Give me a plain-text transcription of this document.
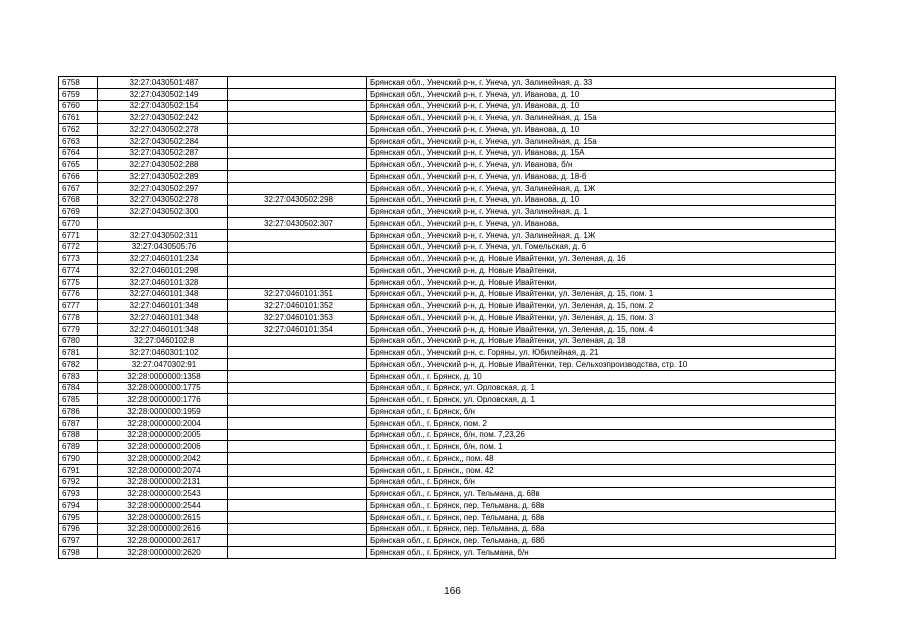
6758	32:27:0430501:487		Брянская обл., Унечский р-н, г. Унеча, ул. Залинейная, д. 33
6759	32:27:0430502:149		Брянская обл., Унечский р-н, г. Унеча, ул. Иванова, д. 10
6760	32:27:0430502:154		Брянская обл., Унечский р-н, г. Унеча, ул. Иванова, д. 10
6761	32:27:0430502:242		Брянская обл., Унечский р-н, г. Унеча, ул. Залинейная, д. 15а
6762	32:27:0430502:278		Брянская обл., Унечский р-н, г. Унеча, ул. Иванова, д. 10
6763	32:27:0430502:284		Брянская обл., Унечский р-н, г. Унеча, ул. Залинейная, д. 15а
6764	32:27:0430502:287		Брянская обл., Унечский р-н, г. Унеча, ул. Иванова, д. 15А
6765	32:27:0430502:288		Брянская обл., Унечский р-н, г. Унеча, ул. Иванова, б/н
6766	32:27:0430502:289		Брянская обл., Унечский р-н, г. Унеча, ул. Иванова, д. 18-б
6767	32:27:0430502:297		Брянская обл., Унечский р-н, г. Унеча, ул. Залинейная, д. 1Ж
6768	32:27:0430502:278	32:27:0430502:298	Брянская обл., Унечский р-н, г. Унеча, ул. Иванова, д. 10
6769	32:27:0430502:300		Брянская обл., Унечский р-н, г. Унеча, ул. Залинейная, д. 1
6770		32:27:0430502:307	Брянская обл., Унечский р-н, г. Унеча, ул. Иванова,
6771	32:27:0430502:311		Брянская обл., Унечский р-н, г. Унеча, ул. Залинейная, д. 1Ж
6772	32:27:0430505:76		Брянская обл., Унечский р-н, г. Унеча, ул. Гомельская, д. 6
6773	32:27:0460101:234		Брянская обл., Унечский р-н, д. Новые Ивайтенки, ул. Зеленая, д. 16
6774	32:27:0460101:298		Брянская обл., Унечский р-н, д. Новые Ивайтенки,
6775	32:27:0460101:328		Брянская обл., Унечский р-н, д. Новые Ивайтенки,
6776	32:27:0460101:348	32:27:0460101:351	Брянская обл., Унечский р-н, д. Новые Ивайтенки, ул. Зеленая, д. 15, пом. 1
6777	32:27:0460101:348	32:27:0460101:352	Брянская обл., Унечский р-н, д. Новые Ивайтенки, ул. Зеленая, д. 15, пом. 2
6778	32:27:0460101:348	32:27:0460101:353	Брянская обл., Унечский р-н, д. Новые Ивайтенки, ул. Зеленая, д. 15, пом. 3
6779	32:27:0460101:348	32:27:0460101:354	Брянская обл., Унечский р-н, д. Новые Ивайтенки, ул. Зеленая, д. 15, пом. 4
6780	32:27:0460102:8		Брянская обл., Унечский р-н, д. Новые Ивайтенки, ул. Зеленая, д. 18
6781	32:27:0460301:102		Брянская обл., Унечский р-н, с. Горяны, ул. Юбилейная, д. 21
6782	32:27:0470302:91		Брянская обл., Унечский р-н, д. Новые Ивайтенки, тер. Сельхозпроизводства, стр. 10
6783	32:28:0000000:1358		Брянская обл., г. Брянск, д. 10
6784	32:28:0000000:1775		Брянская обл., г. Брянск, ул. Орловская, д. 1
6785	32:28:0000000:1776		Брянская обл., г. Брянск, ул. Орловская, д. 1
6786	32:28:0000000:1959		Брянская обл., г. Брянск, б/н
6787	32:28:0000000:2004		Брянская обл., г. Брянск, пом. 2
6788	32:28:0000000:2005		Брянская обл., г. Брянск, б/н, пом. 7,23,26
6789	32:28:0000000:2006		Брянская обл., г. Брянск, б/н, пом. 1
6790	32:28:0000000:2042		Брянская обл., г. Брянск,, пом. 48
6791	32:28:0000000:2074		Брянская обл., г. Брянск,, пом. 42
6792	32:28:0000000:2131		Брянская обл., г. Брянск, б/н
6793	32:28:0000000:2543		Брянская обл., г. Брянск, ул. Тельмана, д. 68в
6794	32:28:0000000:2544		Брянская обл., г. Брянск, пер. Тельмана, д. 68в
6795	32:28:0000000:2615		Брянская обл., г. Брянск, пер. Тельмана, д. 68в
6796	32:28:0000000:2616		Брянская обл., г. Брянск, пер. Тельмана, д. 68а
6797	32:28:0000000:2617		Брянская обл., г. Брянск, пер. Тельмана, д. 68б
6798	32:28:0000000:2620		Брянская обл., г. Брянск, ул. Тельмана, б/н
166
